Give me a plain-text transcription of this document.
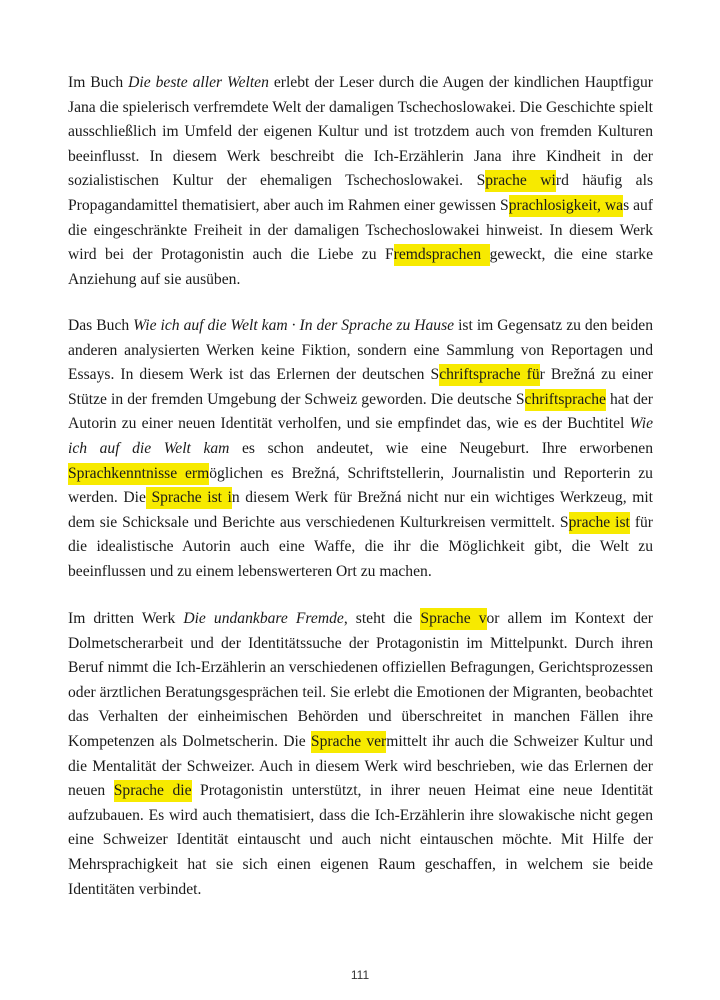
Im Buch Die beste aller Welten erlebt der Leser durch die Augen der kindlichen Hauptfigur
Jana die spielerisch verfremdete Welt der damaligen Tschechoslowakei. Die Geschichte spielt
ausschließlich im Umfeld der eigenen Kultur und ist trotzdem auch von fremden Kulturen
beeinflusst. In diesem Werk beschreibt die Ich-Erzählerin Jana ihre Kindheit in der
sozialistischen Kultur der ehemaligen Tschechoslowakei. Sprache wird häufig als
Propagandamittel thematisiert, aber auch im Rahmen einer gewissen Sprachlosigkeit, was auf
die eingeschränkte Freiheit in der damaligen Tschechoslowakei hinweist. In diesem Werk
wird bei der Protagonistin auch die Liebe zu Fremdsprachen geweckt, die eine starke
Anziehung auf sie ausüben.
Das Buch Wie ich auf die Welt kam · In der Sprache zu Hause ist im Gegensatz zu den beiden
anderen analysierten Werken keine Fiktion, sondern eine Sammlung von Reportagen und
Essays. In diesem Werk ist das Erlernen der deutschen Schriftsprache für Brežná zu einer
Stütze in der fremden Umgebung der Schweiz geworden. Die deutsche Schriftsprache hat der
Autorin zu einer neuen Identität verholfen, und sie empfindet das, wie es der Buchtitel Wie
ich auf die Welt kam es schon andeutet, wie eine Neugeburt. Ihre erworbenen
Sprachkenntnisse ermöglichen es Brežná, Schriftstellerin, Journalistin und Reporterin zu
werden. Die Sprache ist in diesem Werk für Brežná nicht nur ein wichtiges Werkzeug, mit
dem sie Schicksale und Berichte aus verschiedenen Kulturkreisen vermittelt. Sprache ist für
die idealistische Autorin auch eine Waffe, die ihr die Möglichkeit gibt, die Welt zu
beeinflussen und zu einem lebenswerteren Ort zu machen.
Im dritten Werk Die undankbare Fremde, steht die Sprache vor allem im Kontext der
Dolmetscherarbeit und der Identitätssuche der Protagonistin im Mittelpunkt. Durch ihren
Beruf nimmt die Ich-Erzählerin an verschiedenen offiziellen Befragungen, Gerichtsprozessen
oder ärztlichen Beratungsgesprächen teil. Sie erlebt die Emotionen der Migranten, beobachtet
das Verhalten der einheimischen Behörden und überschreitet in manchen Fällen ihre
Kompetenzen als Dolmetscherin. Die Sprache vermittelt ihr auch die Schweizer Kultur und
die Mentalität der Schweizer. Auch in diesem Werk wird beschrieben, wie das Erlernen der
neuen Sprache die Protagonistin unterstützt, in ihrer neuen Heimat eine neue Identität
aufzubauen. Es wird auch thematisiert, dass die Ich-Erzählerin ihre slowakische nicht gegen
eine Schweizer Identität eintauscht und auch nicht eintauschen möchte. Mit Hilfe der
Mehrsprachigkeit hat sie sich einen eigenen Raum geschaffen, in welchem sie beide
Identitäten verbindet.
111
